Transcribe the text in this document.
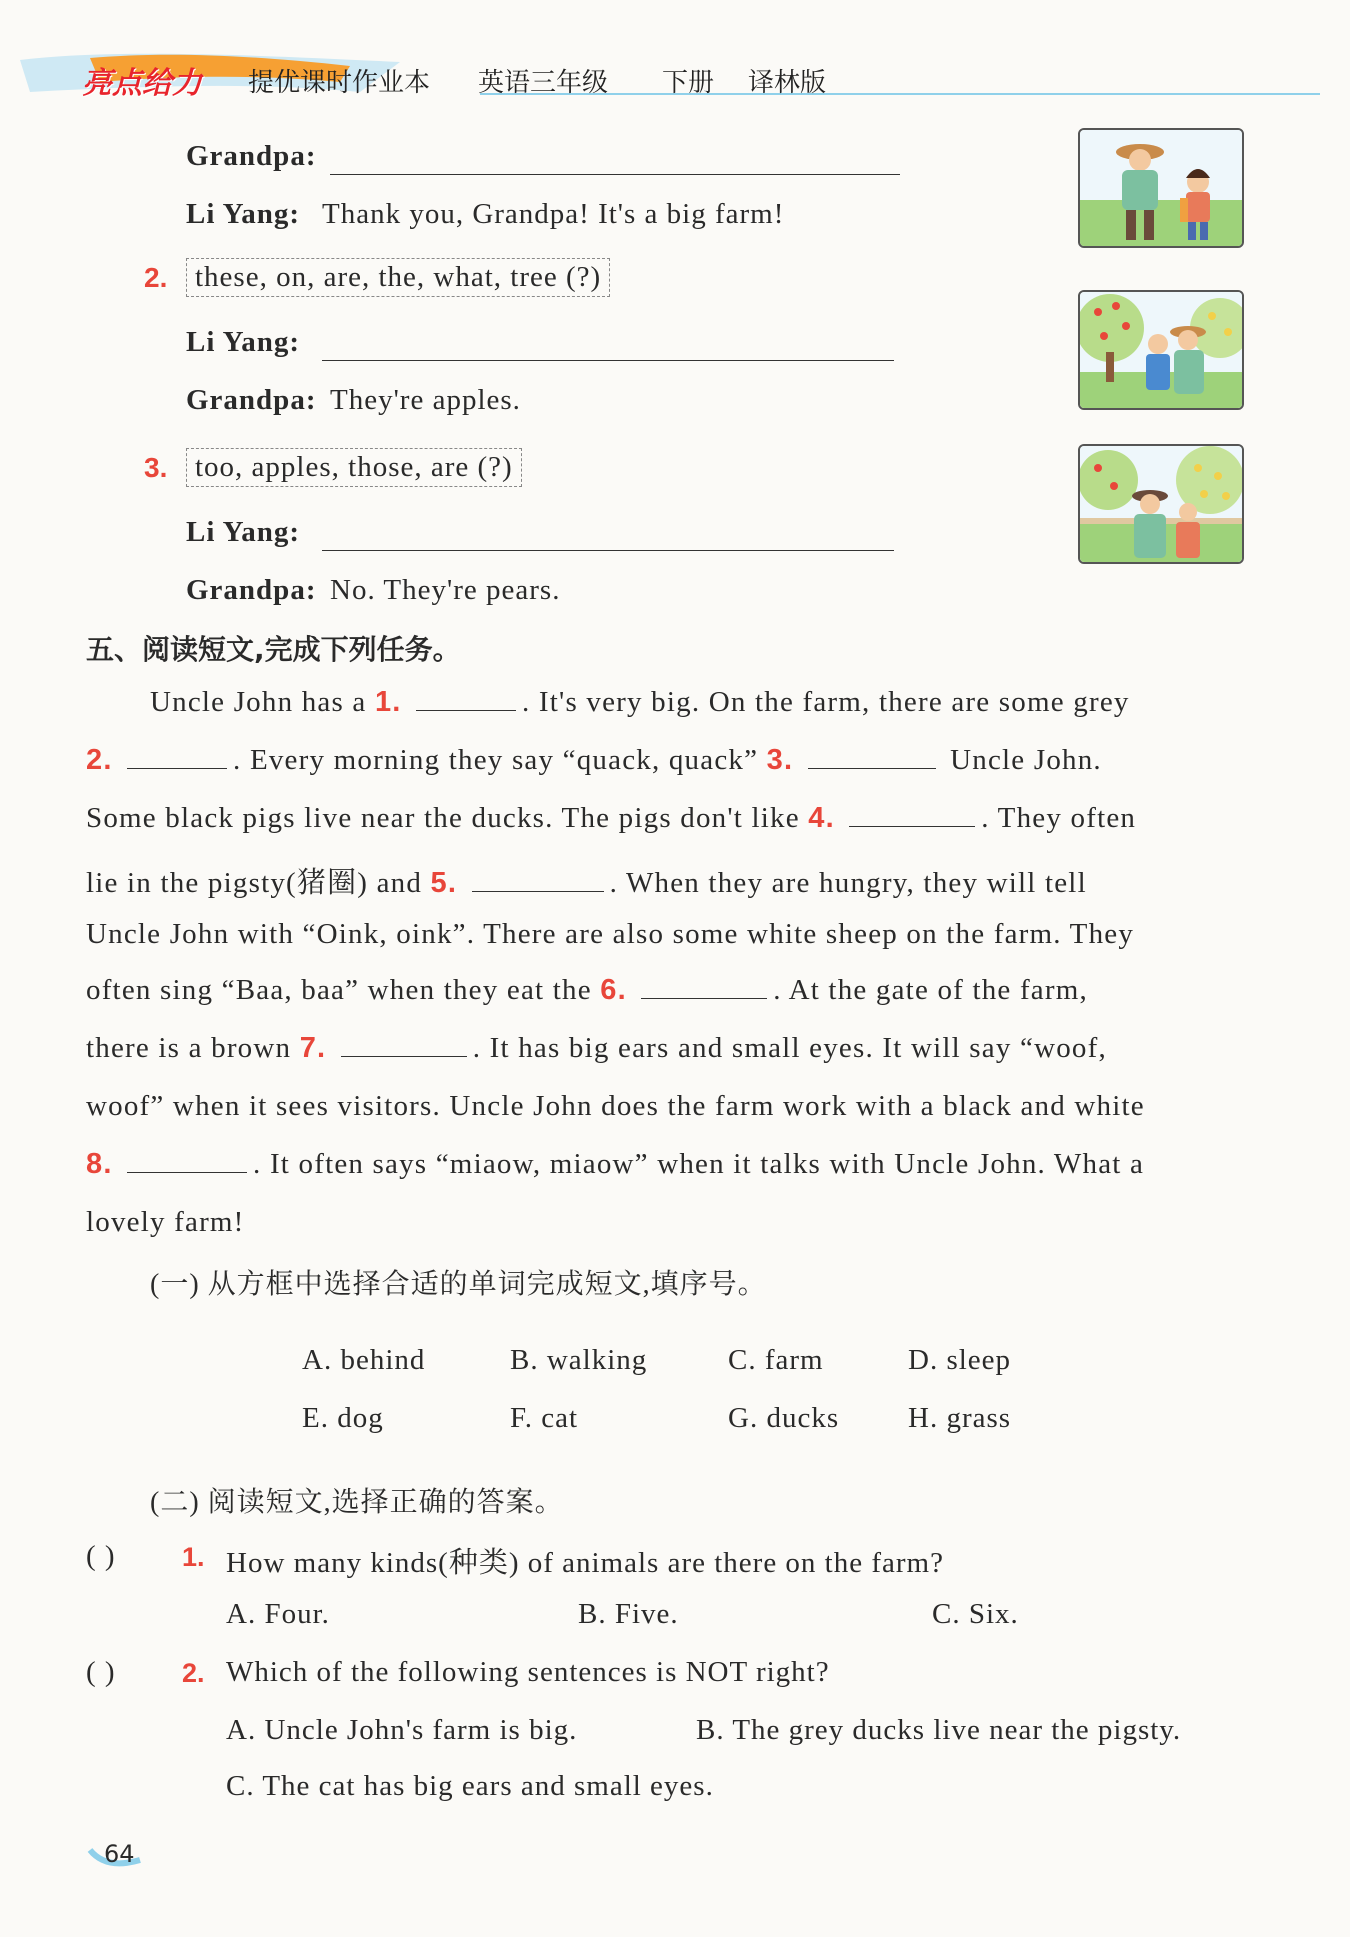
亮点给力 提优课时作业本 英语三年级 下册 译林版
Grandpa:
Li Yang: Thank you, Grandpa! It's a big farm!
2. these, on, are, the, what, tree (?)
Li Yang:
Grandpa: They're apples.
3. too, apples, those, are (?)
Li Yang:
Grandpa: No. They're pears.
五、阅读短文,完成下列任务。
Uncle John has a 1.	. It's very big. On the farm, there are some grey
2.	. Every morning they say “quack, quack” 3.	Uncle John.
Some black pigs live near the ducks. The pigs don't like 4.	. They often
lie in the pigsty(猪圈) and 5.	. When they are hungry, they will tell
Uncle John with “Oink, oink”. There are also some white sheep on the farm. They
often sing “Baa, baa” when they eat the 6.	. At the gate of the farm,
there is a brown 7.	. It has big ears and small eyes. It will say “woof,
woof” when it sees visitors. Uncle John does the farm work with a black and white
8.	. It often says “miaow, miaow” when it talks with Uncle John. What a
lovely farm!
(一) 从方框中选择合适的单词完成短文,填序号。
A. behind	B. walking	C. farm	D. sleep
E. dog	F. cat	G. ducks H. grass
(二) 阅读短文,选择正确的答案。
( ) 1. How many kinds(种类) of animals are there on the farm?
A. Four.	B. Five.	C. Six.
( ) 2. Which of the following sentences is NOT right?
A. Uncle John's farm is big.	B. The grey ducks live near the pigsty.
C. The cat has big ears and small eyes.
64
